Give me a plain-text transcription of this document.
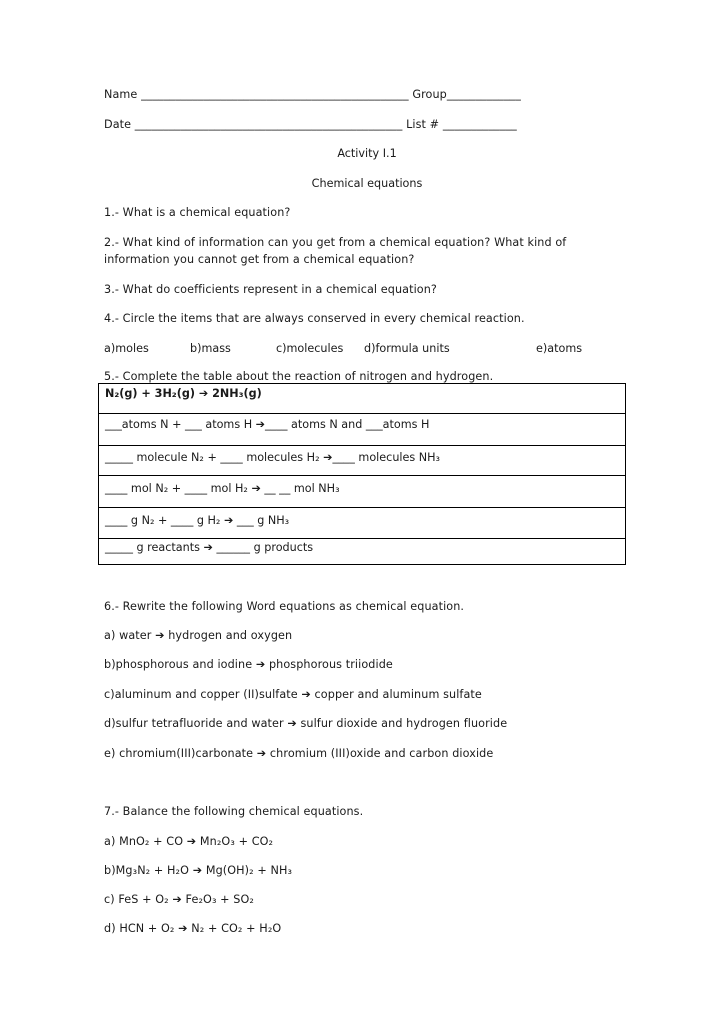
Name _______________________________________________ Group_____________
Date _______________________________________________ List # _____________
Activity I.1
Chemical equations
1.- What is a chemical equation?
2.- What kind of information can you get from a chemical equation? What kind of
information you cannot get from a chemical equation?
3.- What do coefficients represent in a chemical equation?
4.- Circle the items that are always conserved in every chemical reaction.
a)moles	b)mass	c)molecules d)formula units	e)atoms
5.- Complete the table about the reaction of nitrogen and hydrogen.
N₂(g) + 3H₂(g) ➔ 2NH₃(g)
___atoms N + ___ atoms H ➔____ atoms N and ___atoms H
_____ molecule N₂ + ____ molecules H₂ ➔____ molecules NH₃
____ mol N₂ + ____ mol H₂ ➔ __ __ mol NH₃
____ g N₂ + ____ g H₂ ➔ ___ g NH₃
_____ g reactants ➔ ______ g products
6.- Rewrite the following Word equations as chemical equation.
a) water ➔ hydrogen and oxygen
b)phosphorous and iodine ➔ phosphorous triiodide
c)aluminum and copper (II)sulfate ➔ copper and aluminum sulfate
d)sulfur tetrafluoride and water ➔ sulfur dioxide and hydrogen fluoride
e) chromium(III)carbonate ➔ chromium (III)oxide and carbon dioxide
7.- Balance the following chemical equations.
a) MnO₂ + CO ➔ Mn₂O₃ + CO₂
b)Mg₃N₂ + H₂O ➔ Mg(OH)₂ + NH₃
c) FeS + O₂ ➔ Fe₂O₃ + SO₂
d) HCN + O₂ ➔ N₂ + CO₂ + H₂O
